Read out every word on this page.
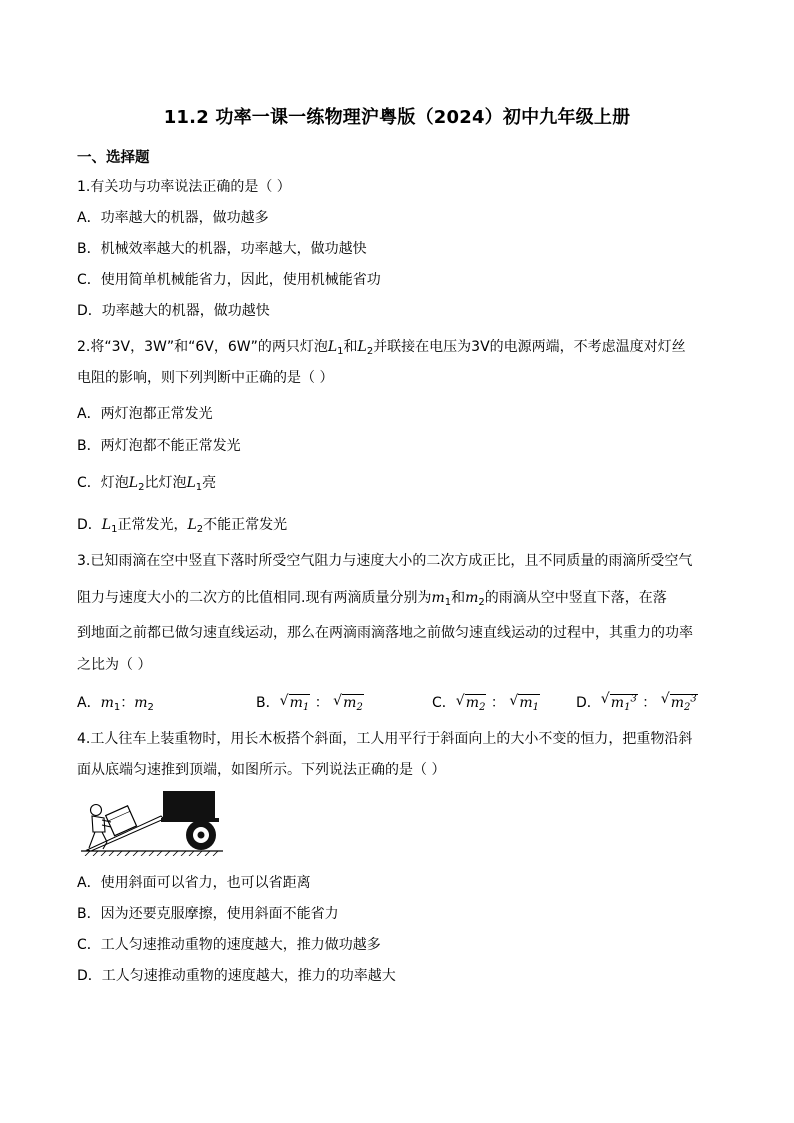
11.2 功率一课一练物理沪粤版（2024）初中九年级上册
一、选择题
1.有关功与功率说法正确的是（ ）
A．功率越大的机器，做功越多
B．机械效率越大的机器，功率越大，做功越快
C．使用简单机械能省力，因此，使用机械能省功
D．功率越大的机器，做功越快
2.将“3V，3W”和“6V，6W”的两只灯泡$L_1$和$L_2$并联接在电压为3V的电源两端，不考虑温度对灯丝
电阻的影响，则下列判断中正确的是（ ）
A．两灯泡都正常发光
B．两灯泡都不能正常发光
C．灯泡$L_2$比灯泡$L_1$亮
D．$L_1$正常发光，$L_2$不能正常发光
3.已知雨滴在空中竖直下落时所受空气阻力与速度大小的二次方成正比，且不同质量的雨滴所受空气
阻力与速度大小的二次方的比值相同.现有两滴质量分别为$m_1$和$m_2$的雨滴从空中竖直下落，在落
到地面之前都已做匀速直线运动，那么在两滴雨滴落地之前做匀速直线运动的过程中，其重力的功率
之比为（ ）
A．$m_1$：$m_2$	B． √ $m_1$ ： √ $m_2$	C． √ $m_2$ ： √ $m_1$	D． √ $m_1^3$ ： √ $m_2^3$
4.工人往车上装重物时，用长木板搭个斜面，工人用平行于斜面向上的大小不变的恒力，把重物沿斜
面从底端匀速推到顶端，如图所示。下列说法正确的是（ ）
A．使用斜面可以省力，也可以省距离
B．因为还要克服摩擦，使用斜面不能省力
C．工人匀速推动重物的速度越大，推力做功越多
D．工人匀速推动重物的速度越大，推力的功率越大
